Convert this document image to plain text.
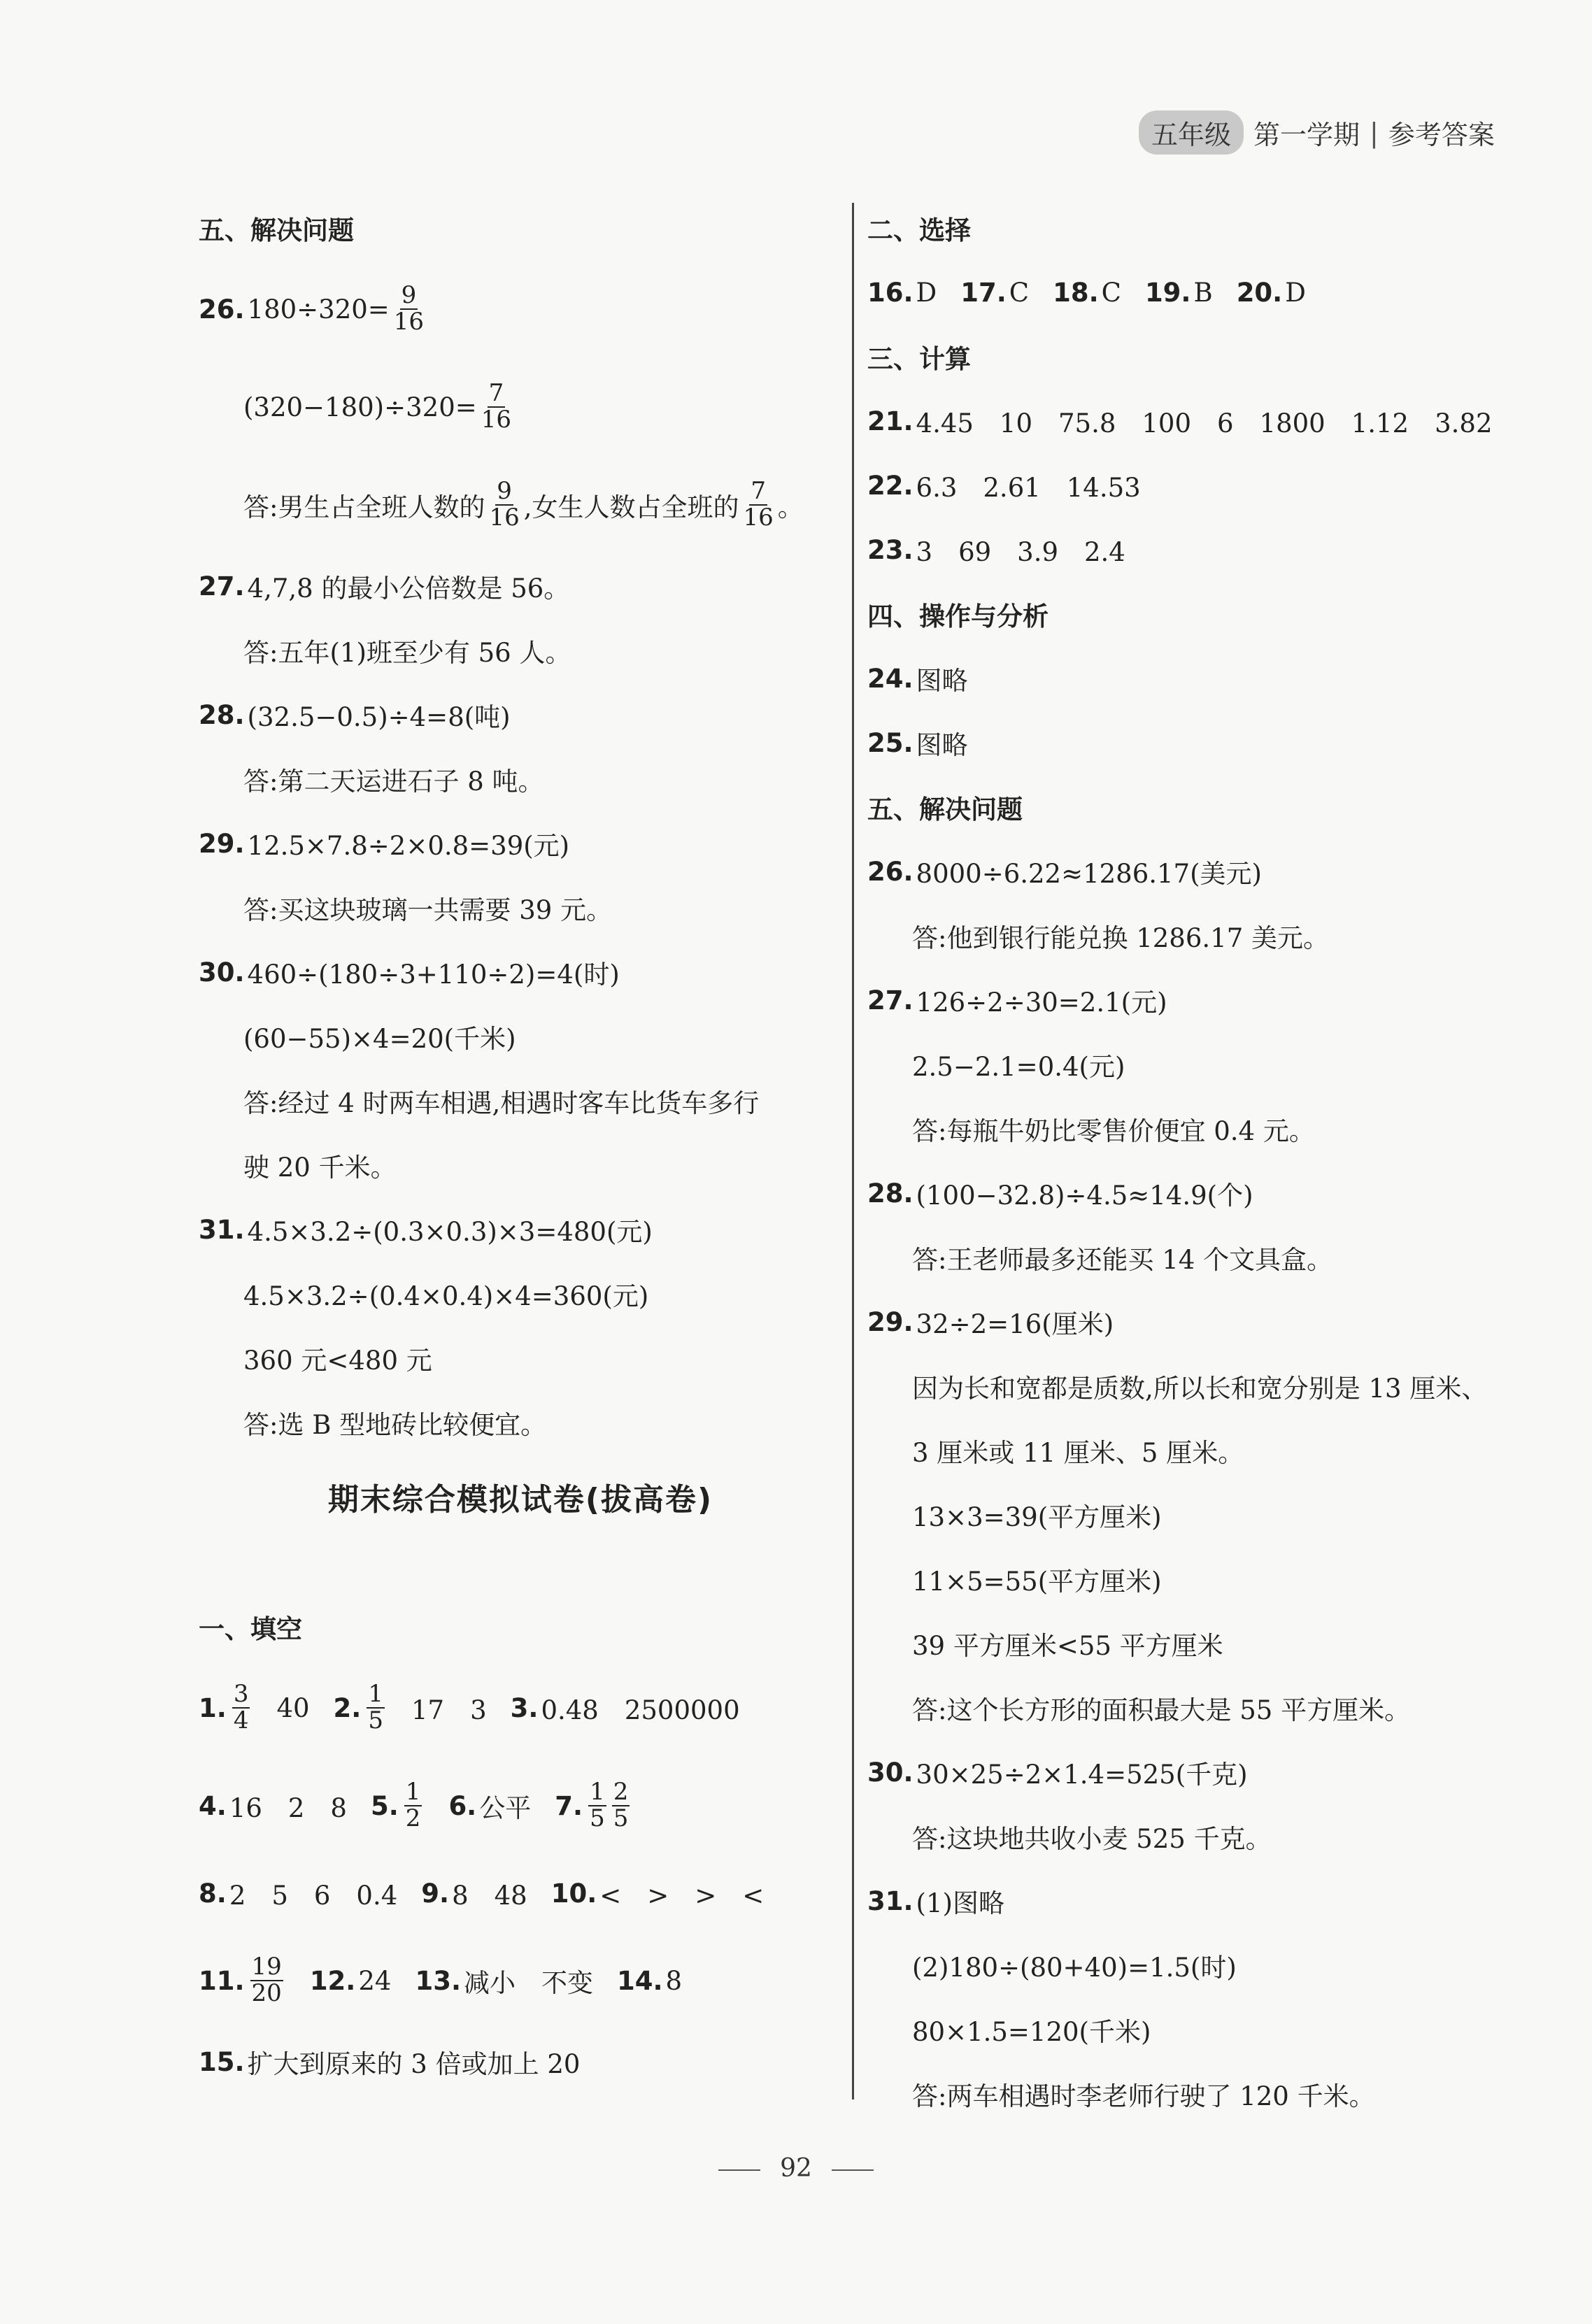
五年级 第一学期 | 参考答案
五、解决问题
26. $180\div 320= \frac{9}{16}$
$(320-180)\div 320= \frac{7}{16}$
答:男生占全班人数的 $\frac{9}{16}$ ,女生人数占全班的 $\frac{7}{16}$ 。
27. 4,7,8 的最小公倍数是 56。
答:五年(1)班至少有 56 人。
28. (32.5−0.5)÷4=8(吨)
答:第二天运进石子 8 吨。
29. 12.5×7.8÷2×0.8=39(元)
答:买这块玻璃一共需要 39 元。
30. 460÷(180÷3+110÷2)=4(时)
(60−55)×4=20(千米)
答:经过 4 时两车相遇,相遇时客车比货车多行
驶 20 千米。
31. 4.5×3.2÷(0.3×0.3)×3=480(元)
4.5×3.2÷(0.4×0.4)×4=360(元)
360 元<480 元
答:选 B 型地砖比较便宜。
期末综合模拟试卷(拔高卷)
一、填空
1. $\frac{3}{4} 40$ 2. $\frac{1}{5} 17$　3 3. 0.48　2500000
4. 16　2　8 5. $\frac{1}{2} 6$. 公平 7. $\frac{1}{5} \frac{2}{5}$
8. 2　5　6　0.4 9. 8　48 10. <　>　>　<
11. $\frac{19}{20} 12$. 24 13. 减小　不变 14. 8
15. 扩大到原来的 3 倍或加上 20
二、选择
16. D 17. C 18. C 19. B 20. D
三、计算
21. 4.45　10　75.8　100　6　1800　1.12　3.82
22. 6.3　2.61　14.53
23. 3　69　3.9　2.4
四、操作与分析
24. 图略
25. 图略
五、解决问题
26. 8000÷6.22≈1286.17(美元)
答:他到银行能兑换 1286.17 美元。
27. 126÷2÷30=2.1(元)
2.5−2.1=0.4(元)
答:每瓶牛奶比零售价便宜 0.4 元。
28. (100−32.8)÷4.5≈14.9(个)
答:王老师最多还能买 14 个文具盒。
29. 32÷2=16(厘米)
因为长和宽都是质数,所以长和宽分别是 13 厘米、
3 厘米或 11 厘米、5 厘米。
13×3=39(平方厘米)
11×5=55(平方厘米)
39 平方厘米<55 平方厘米
答:这个长方形的面积最大是 55 平方厘米。
30. 30×25÷2×1.4=525(千克)
答:这块地共收小麦 525 千克。
31. (1)图略
(2)180÷(80+40)=1.5(时)
80×1.5=120(千米)
答:两车相遇时李老师行驶了 120 千米。
92
